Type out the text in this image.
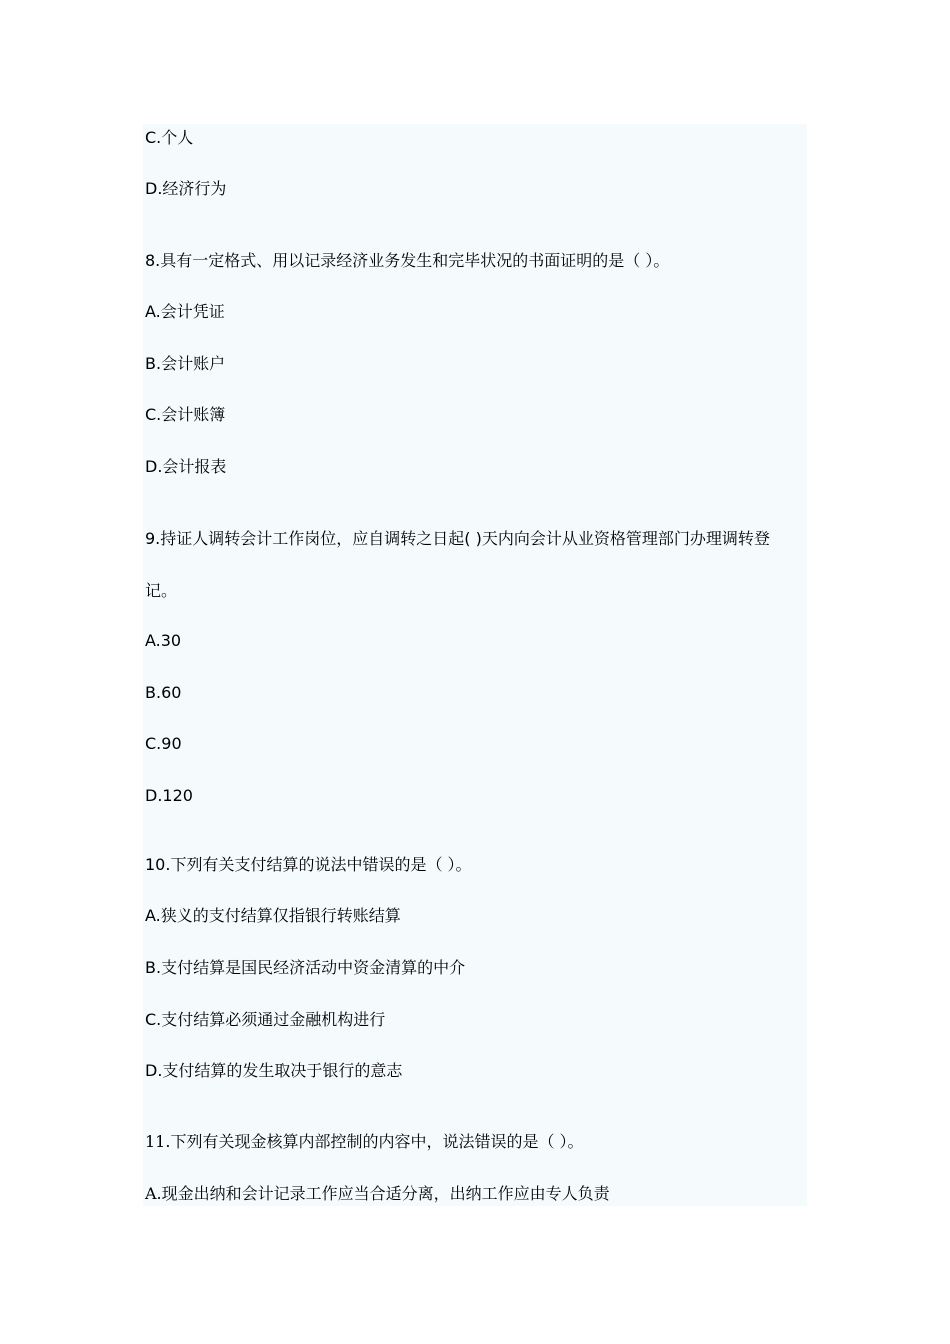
C.个人

D.经济行为

8.具有一定格式、用以记录经济业务发生和完毕状况的书面证明的是（ ）。

A.会计凭证

B.会计账户

C.会计账簿

D.会计报表

9.持证人调转会计工作岗位，应自调转之日起( )天内向会计从业资格管理部门办理调转登

记。

A.30

B.60

C.90

D.120

10.下列有关支付结算的说法中错误的是（ ）。

A.狭义的支付结算仅指银行转账结算

B.支付结算是国民经济活动中资金清算的中介

C.支付结算必须通过金融机构进行

D.支付结算的发生取决于银行的意志

11.下列有关现金核算内部控制的内容中，说法错误的是（ ）。

A.现金出纳和会计记录工作应当合适分离，出纳工作应由专人负责
